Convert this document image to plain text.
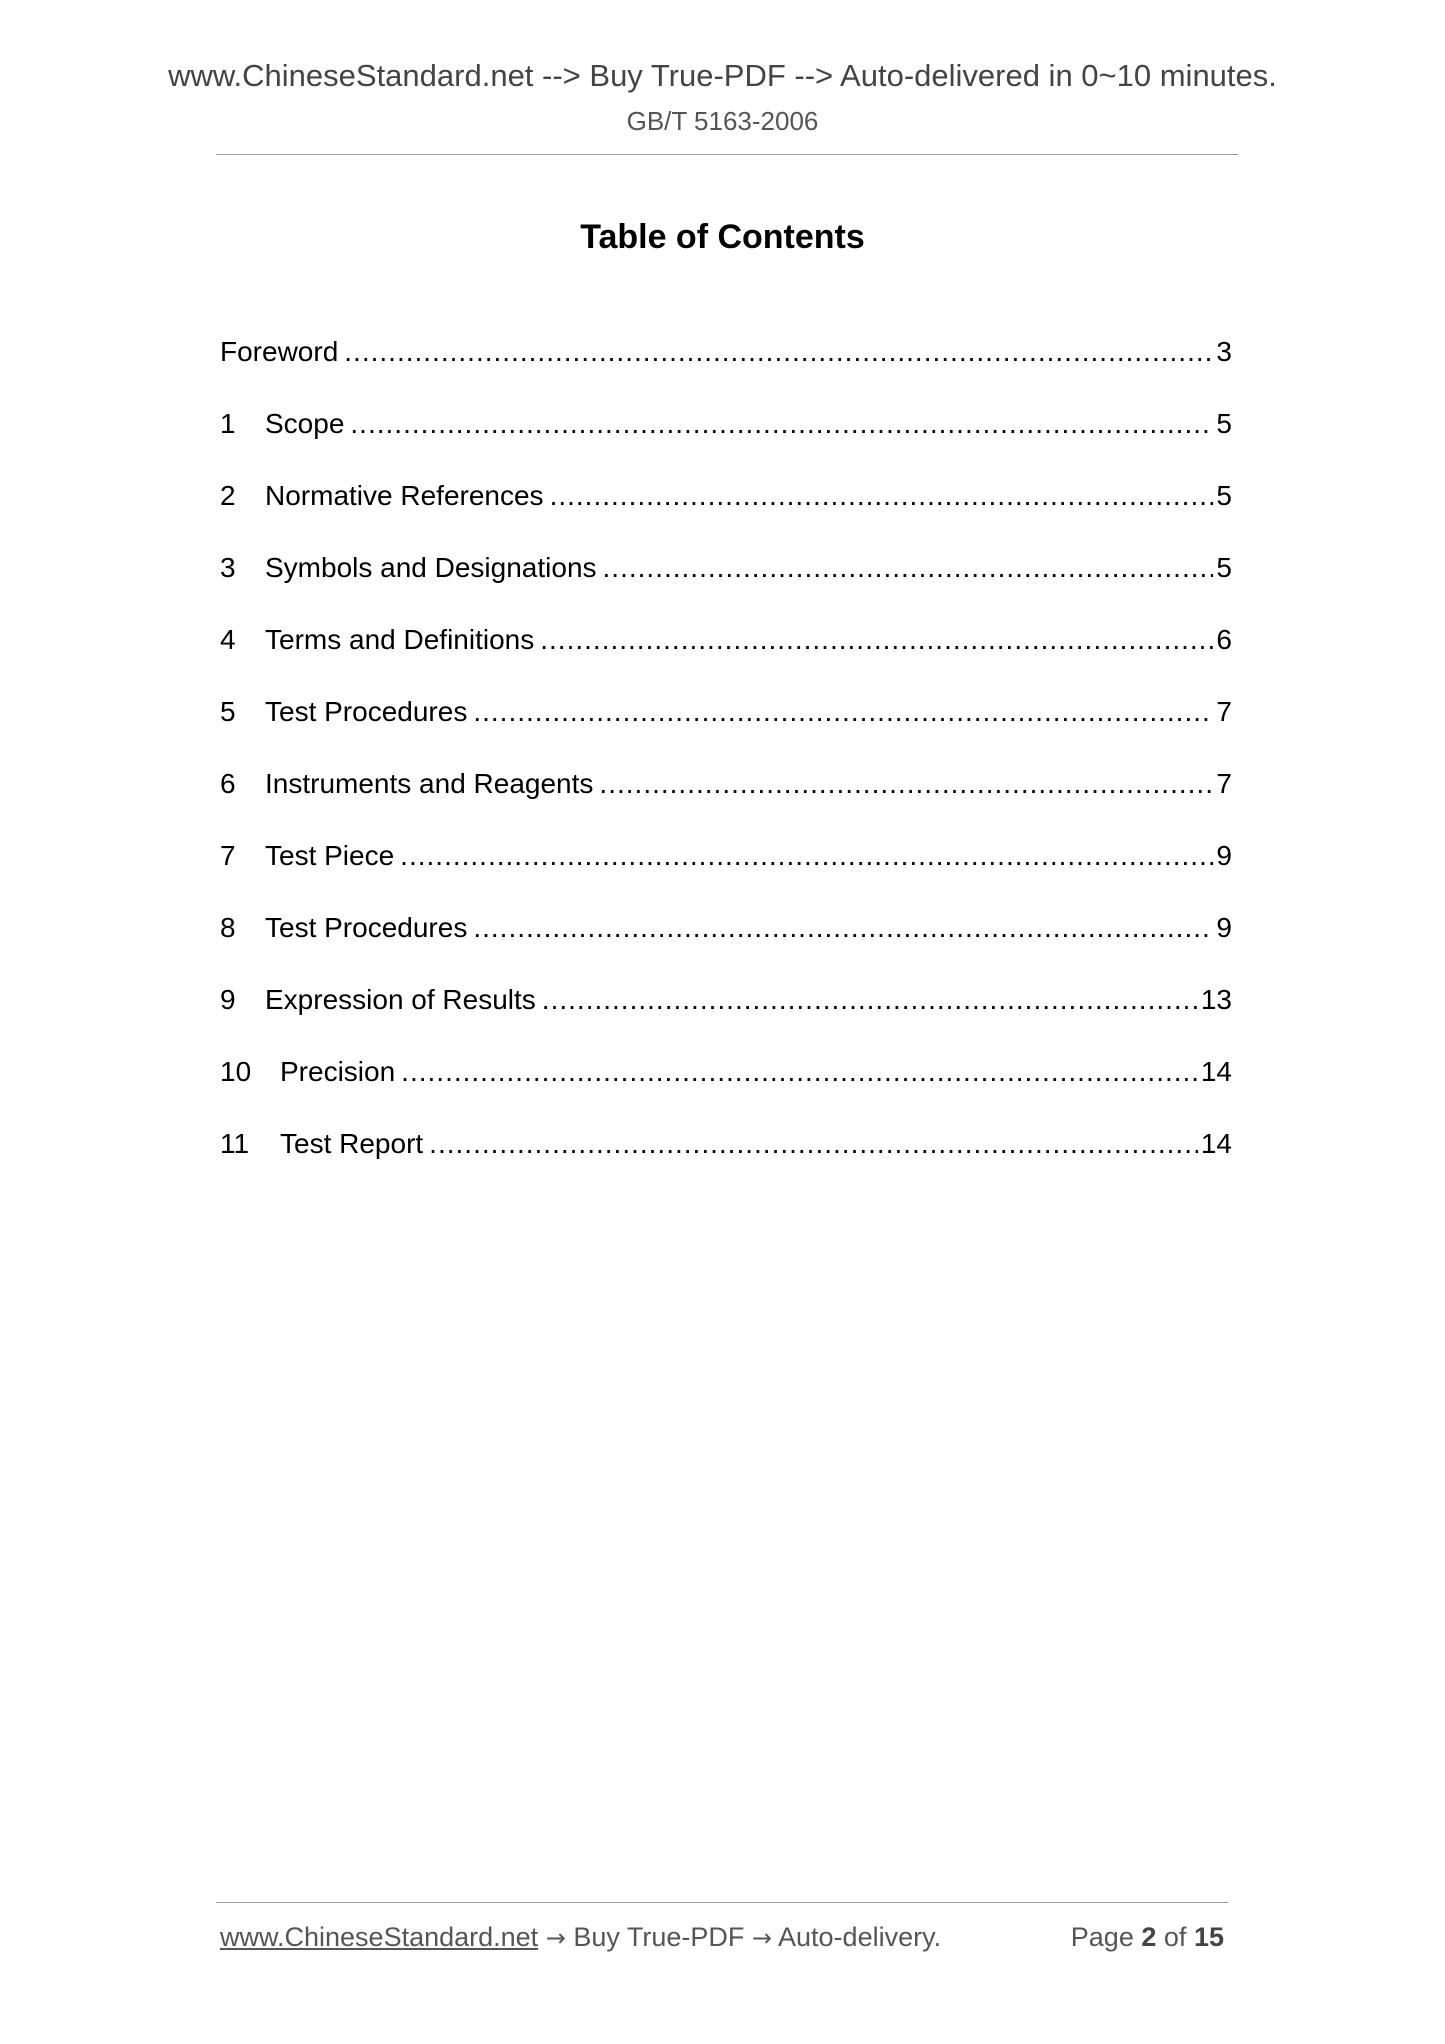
www.ChineseStandard.net --> Buy True-PDF --> Auto-delivered in 0~10 minutes.
GB/T 5163-2006
Table of Contents
Foreword .....	3
1	Scope .....	5
2	Normative References .....	5
3	Symbols and Designations .....	5
4	Terms and Definitions .....	6
5	Test Procedures .....	7
6	Instruments and Reagents .....	7
7	Test Piece .....	9
8	Test Procedures .....	9
9	Expression of Results .....	13
10	Precision .....	14
11	Test Report .....	14
www.ChineseStandard.net → Buy True-PDF → Auto-delivery.	Page 2 of 15
